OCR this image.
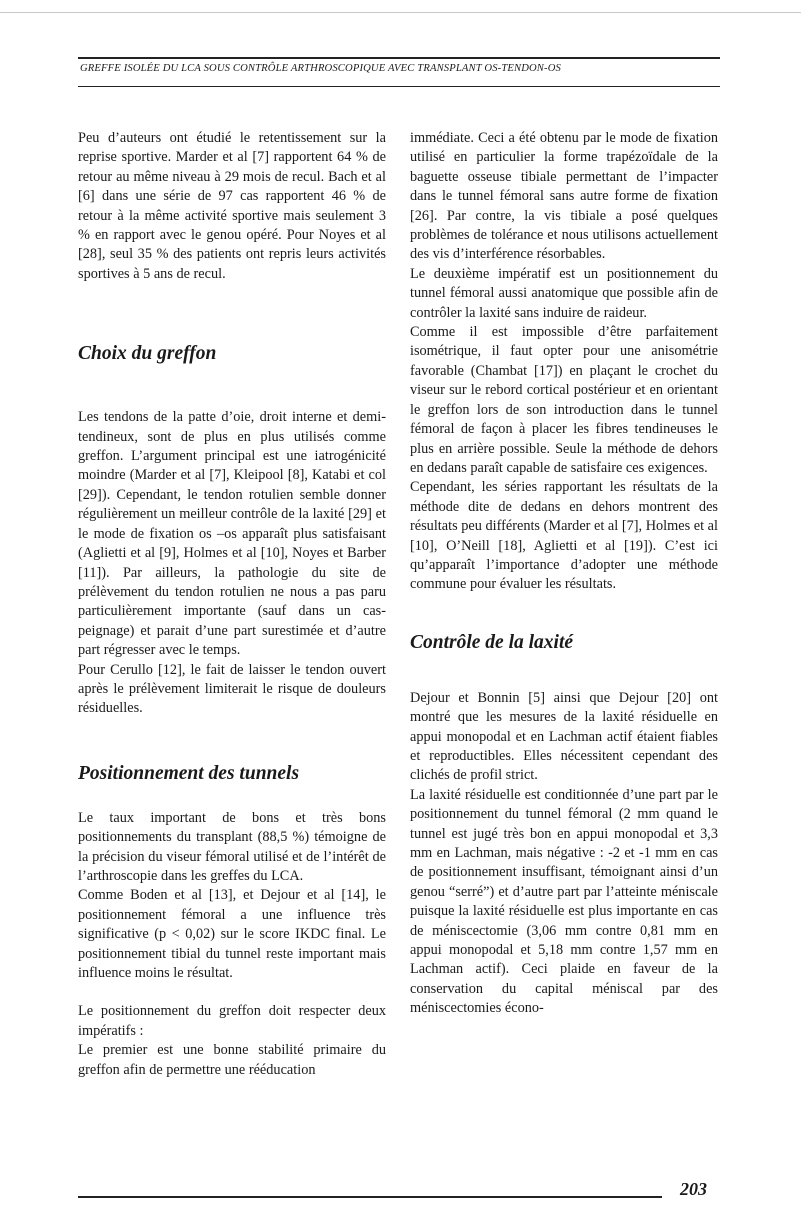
GREFFE ISOLÉE DU LCA SOUS CONTRÔLE ARTHROSCOPIQUE AVEC TRANSPLANT OS-TENDON-OS

Peu d’auteurs ont étudié le retentissement sur la reprise sportive. Marder et al [7] rapportent 64 % de retour au même niveau à 29 mois de recul. Bach et al [6] dans une série de 97 cas rapportent 46 % de retour à la même activité sportive mais seulement 3 % en rapport avec le genou opéré. Pour Noyes et al [28], seul 35 % des patients ont repris leurs activités sportives à 5 ans de recul.

Choix du greffon

Les tendons de la patte d’oie, droit interne et demi-tendineux, sont de plus en plus utilisés comme greffon. L’argument principal est une iatrogénicité moindre (Marder et al [7], Kleipool [8], Katabi et col [29]). Cependant, le tendon rotulien semble donner régulièrement un meilleur contrôle de la laxité [29] et le mode de fixation os –os apparaît plus satisfaisant (Aglietti et al [9], Holmes et al [10], Noyes et Barber [11]). Par ailleurs, la pathologie du site de prélèvement du tendon rotulien ne nous a pas paru particulièrement importante (sauf dans un cas-peignage) et parait d’une part surestimée et d’autre part régresser avec le temps.

Pour Cerullo [12], le fait de laisser le tendon ouvert après le prélèvement limiterait le risque de douleurs résiduelles.

Positionnement des tunnels

Le taux important de bons et très bons positionnements du transplant (88,5 %) témoigne de la précision du viseur fémoral utilisé et de l’intérêt de l’arthroscopie dans les greffes du LCA.

Comme Boden et al [13], et Dejour et al [14], le positionnement fémoral a une influence très significative (p < 0,02) sur le score IKDC final. Le positionnement tibial du tunnel reste important mais influence moins le résultat.

Le positionnement du greffon doit respecter deux impératifs :

Le premier est une bonne stabilité primaire du greffon afin de permettre une rééducation

immédiate. Ceci a été obtenu par le mode de fixation utilisé en particulier la forme trapézoïdale de la baguette osseuse tibiale permettant de l’impacter dans le tunnel fémoral sans autre forme de fixation [26]. Par contre, la vis tibiale a posé quelques problèmes de tolérance et nous utilisons actuellement des vis d’interférence résorbables.

Le deuxième impératif est un positionnement du tunnel fémoral aussi anatomique que possible afin de contrôler la laxité sans induire de raideur.

Comme il est impossible d’être parfaitement isométrique, il faut opter pour une anisométrie favorable (Chambat [17]) en plaçant le crochet du viseur sur le rebord cortical postérieur et en orientant le greffon lors de son introduction dans le tunnel fémoral de façon à placer les fibres tendineuses le plus en arrière possible. Seule la méthode de dehors en dedans paraît capable de satisfaire ces exigences.

Cependant, les séries rapportant les résultats de la méthode dite de dedans en dehors montrent des résultats peu différents (Marder et al [7], Holmes et al [10], O’Neill [18], Aglietti et al [19]). C’est ici qu’apparaît l’importance d’adopter une méthode commune pour évaluer les résultats.

Contrôle de la laxité

Dejour et Bonnin [5] ainsi que Dejour [20] ont montré que les mesures de la laxité résiduelle en appui monopodal et en Lachman actif étaient fiables et reproductibles. Elles nécessitent cependant des clichés de profil strict.

La laxité résiduelle est conditionnée d’une part par le positionnement du tunnel fémoral (2 mm quand le tunnel est jugé très bon en appui monopodal et 3,3 mm en Lachman, mais négative : -2 et -1 mm en cas de positionnement insuffisant, témoignant ainsi d’un genou “serré”) et d’autre part par l’atteinte méniscale puisque la laxité résiduelle est plus importante en cas de méniscectomie (3,06 mm contre 0,81 mm en appui monopodal et 5,18 mm contre 1,57 mm en Lachman actif). Ceci plaide en faveur de la conservation du capital méniscal par des méniscectomies écono-

203
